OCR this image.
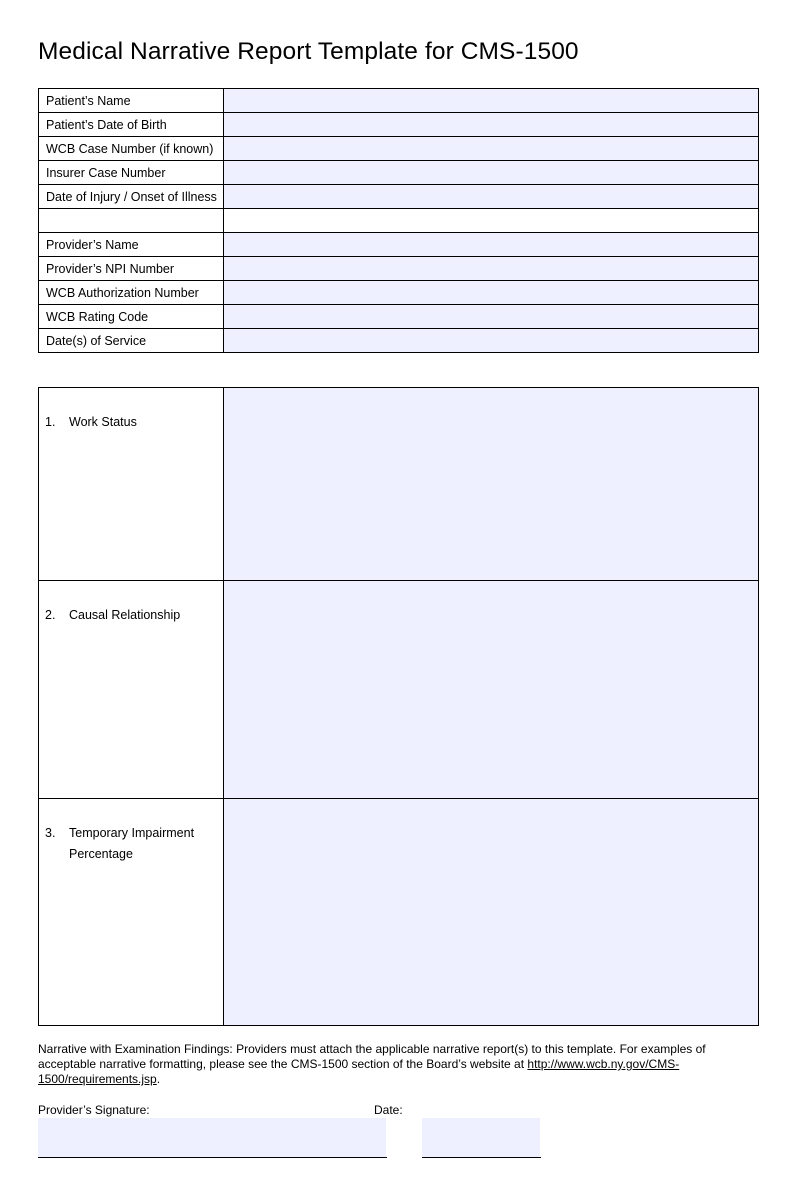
Medical Narrative Report Template for CMS-1500
Patient’s Name	
Patient’s Date of Birth	
WCB Case Number (if known)	
Insurer Case Number	
Date of Injury / Onset of Illness	

Provider’s Name	
Provider’s NPI Number	
WCB Authorization Number	
WCB Rating Code	
Date(s) of Service	
1. Work Status	

2. Causal Relationship	

3. Temporary Impairment Percentage	

Narrative with Examination Findings: Providers must attach the applicable narrative report(s) to this template. For examples of acceptable narrative formatting, please see the CMS-1500 section of the Board’s website at http://www.wcb.ny.gov/CMS-1500/requirements.jsp.
Provider’s Signature:	Date:
